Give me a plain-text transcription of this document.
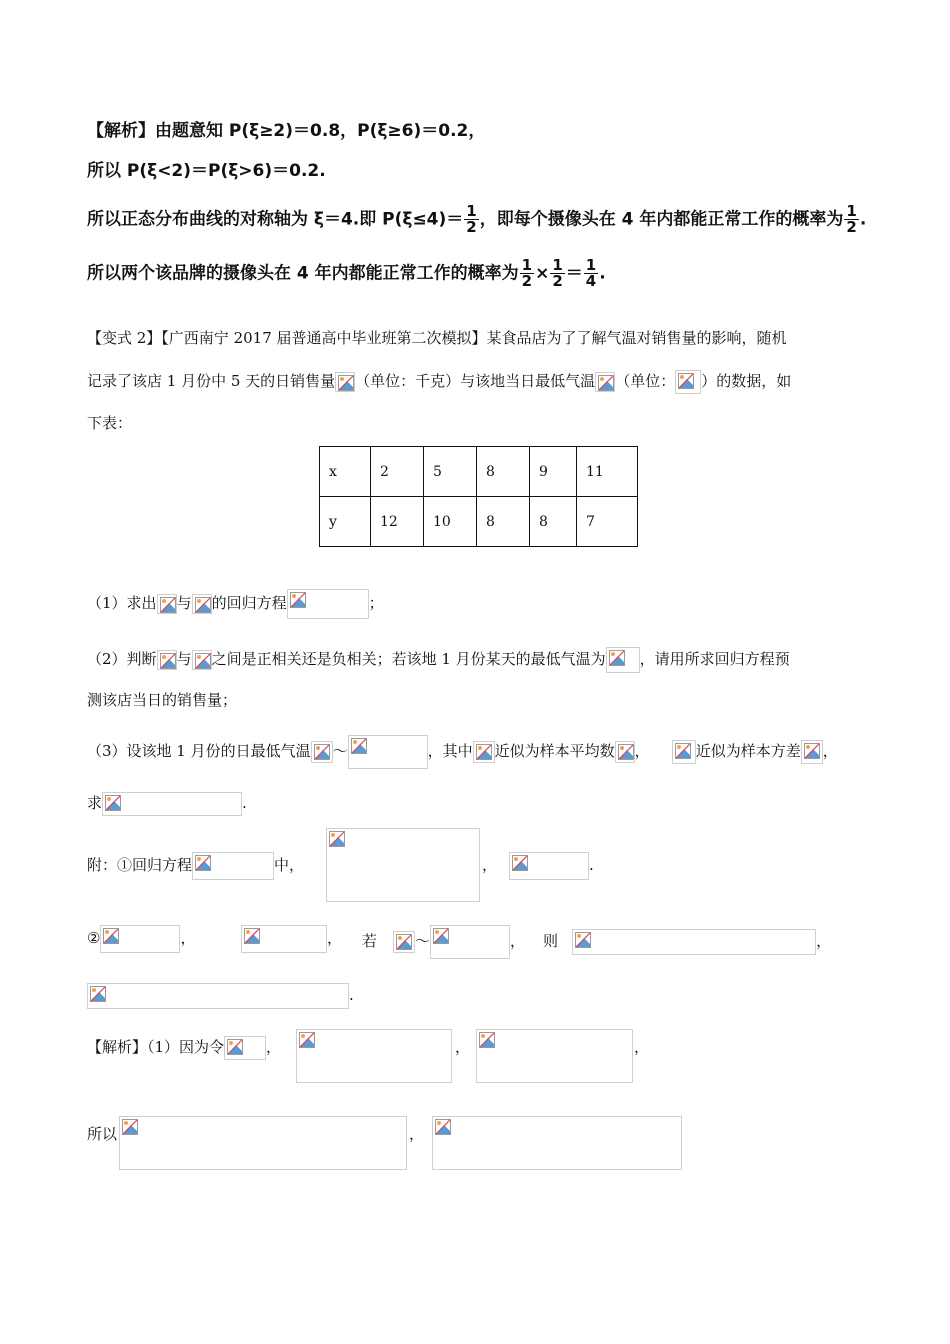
【解析】由题意知 P(ξ≥2)＝0.8，P(ξ≥6)＝0.2，
所以 P(ξ<2)＝P(ξ>6)＝0.2.
所以正态分布曲线的对称轴为 ξ＝4.即 $P(\xi\le 4)= \frac{1}{2}$ ，即每个摄像头在 4 年内都能正常工作的概率为 $\frac{1}{2}$ .
所以两个该品牌的摄像头在 4 年内都能正常工作的概率为 $\frac{1}{2} \times \frac{1}{2} = \frac{1}{4}$ .
【变式 2】【广西南宁 2017 届普通高中毕业班第二次模拟】某食品店为了了解气温对销售量的影响，随机
记录了该店 1 月份中 5 天的日销售量 （单位：千克）与该地当日最低气温 （单位： ）的数据，如
下表：
x	2	5	8	9	11
y	12	10	8	8	7
（1）求出 与 的回归方程	；
（2）判断 与 之间是正相关还是负相关；若该地 1 月份某天的最低气温为 ，请用所求回归方程预
测该店当日的销售量；
（3）设该地 1 月份的日最低气温 ～	，其中 近似为样本平均数 ，	近似为样本方差 ，
求	.
附：①回归方程	中，	，	.
②	，	， 若	～	， 则	，
.
【解析】（1）因为令	，	，	，
所以	，
